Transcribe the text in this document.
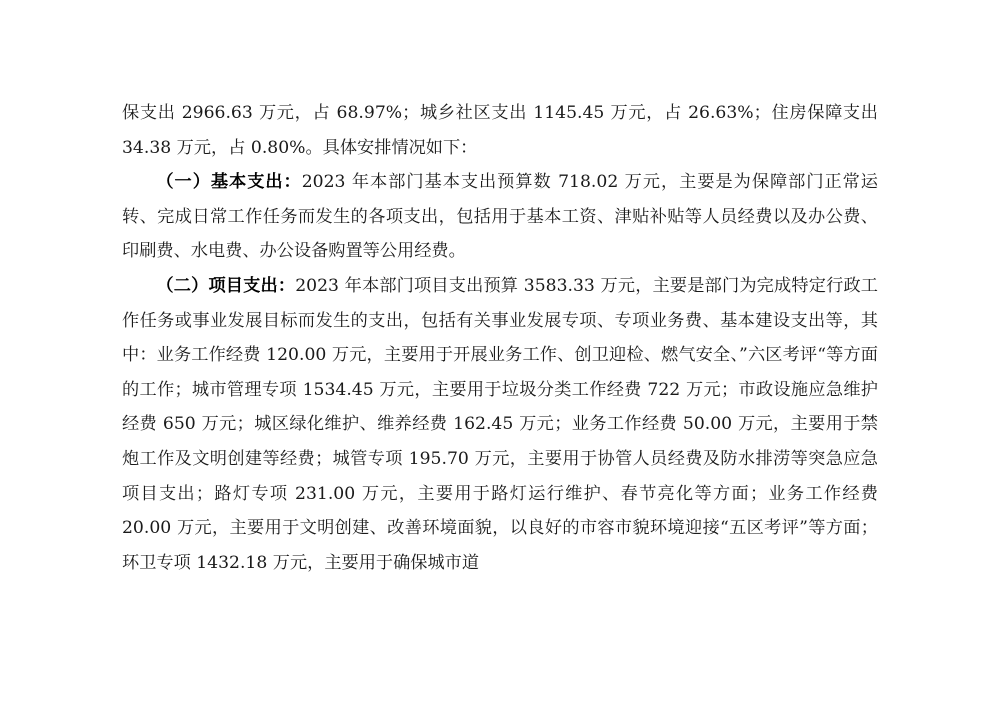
保支出 2966.63 万元，占 68.97%；城乡社区支出 1145.45 万元，占 26.63%；住房保障支出 34.38 万元，占 0.80%。具体安排情况如下：

（一）基本支出：2023 年本部门基本支出预算数 718.02 万元，主要是为保障部门正常运转、完成日常工作任务而发生的各项支出，包括用于基本工资、津贴补贴等人员经费以及办公费、印刷费、水电费、办公设备购置等公用经费。

（二）项目支出：2023 年本部门项目支出预算 3583.33 万元，主要是部门为完成特定行政工作任务或事业发展目标而发生的支出，包括有关事业发展专项、专项业务费、基本建设支出等，其中：业务工作经费 120.00 万元，主要用于开展业务工作、创卫迎检、燃气安全、”六区考评“等方面的工作；城市管理专项 1534.45 万元，主要用于垃圾分类工作经费 722 万元；市政设施应急维护经费 650 万元；城区绿化维护、维养经费 162.45 万元；业务工作经费 50.00 万元，主要用于禁炮工作及文明创建等经费；城管专项 195.70 万元，主要用于协管人员经费及防水排涝等突急应急项目支出；路灯专项 231.00 万元，主要用于路灯运行维护、春节亮化等方面；业务工作经费 20.00 万元，主要用于文明创建、改善环境面貌，以良好的市容市貌环境迎接“五区考评”等方面；环卫专项 1432.18 万元，主要用于确保城市道
